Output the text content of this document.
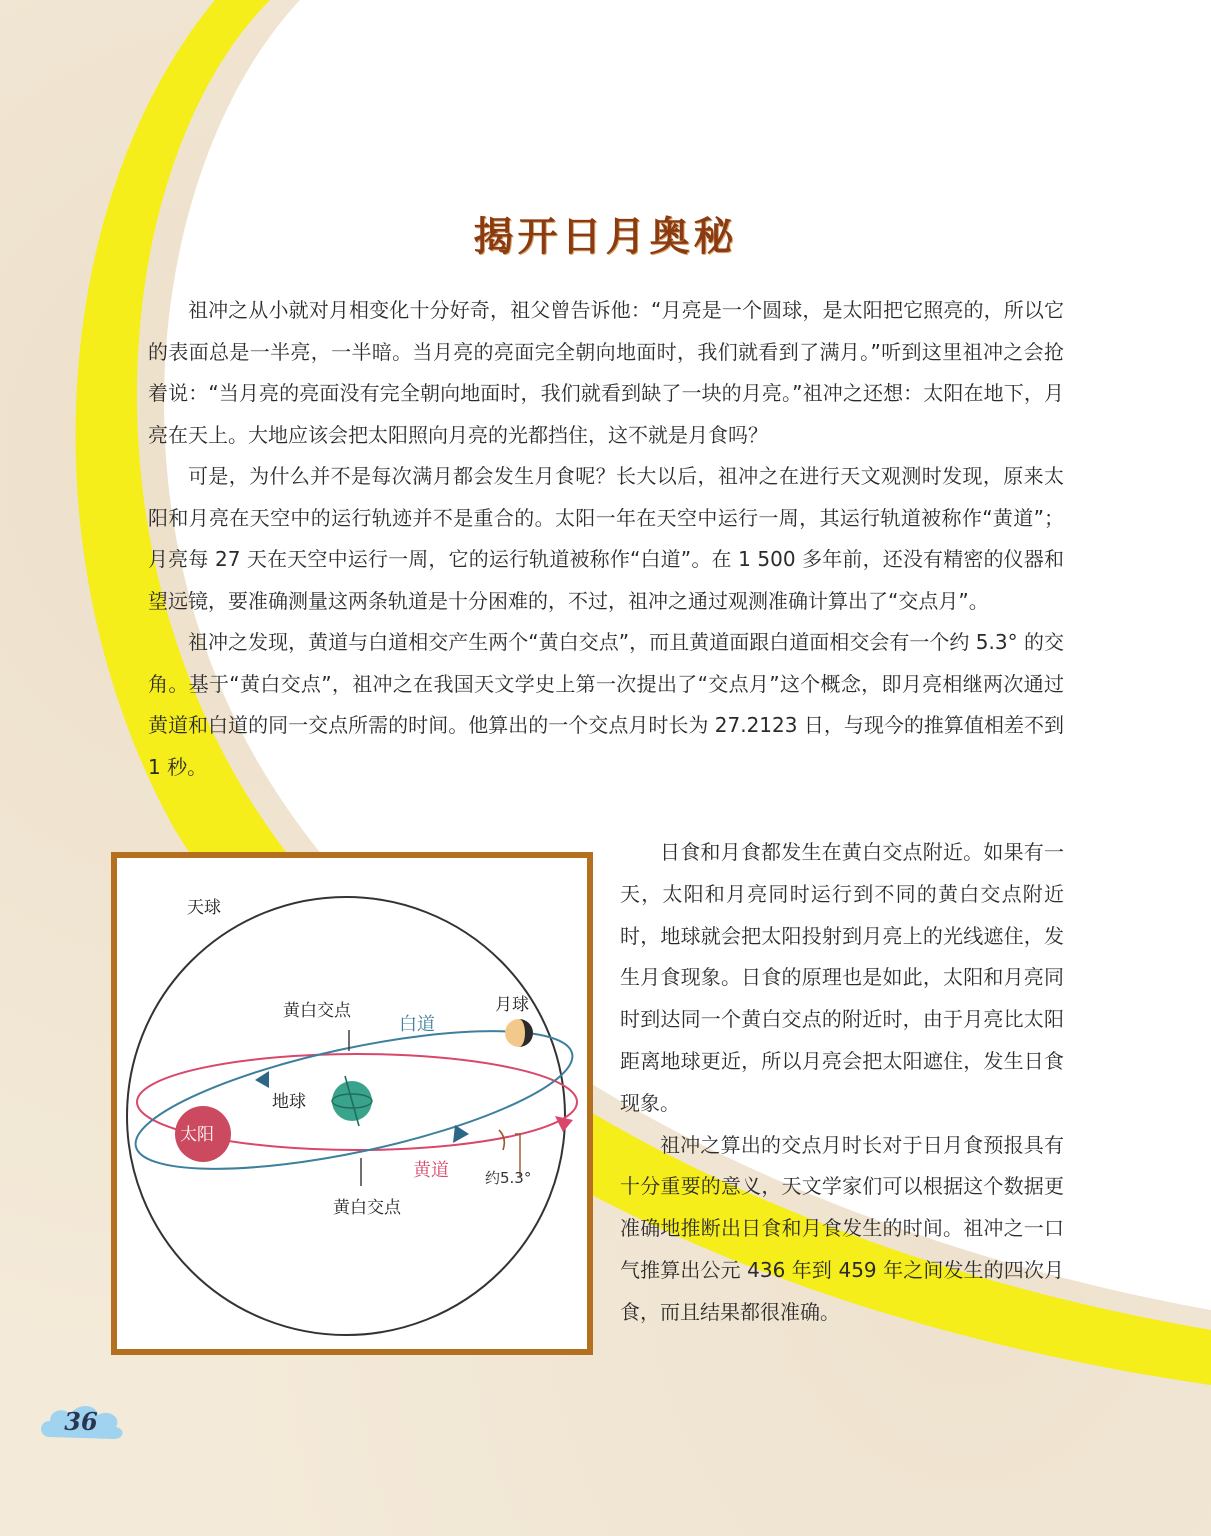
揭开日月奥秘

祖冲之从小就对月相变化十分好奇，祖父曾告诉他：“月亮是一个圆球，是太阳把它照亮的，所以它的表面总是一半亮，一半暗。当月亮的亮面完全朝向地面时，我们就看到了满月。”听到这里祖冲之会抢着说：“当月亮的亮面没有完全朝向地面时，我们就看到缺了一块的月亮。”祖冲之还想：太阳在地下，月亮在天上。大地应该会把太阳照向月亮的光都挡住，这不就是月食吗？

可是，为什么并不是每次满月都会发生月食呢？长大以后，祖冲之在进行天文观测时发现，原来太阳和月亮在天空中的运行轨迹并不是重合的。太阳一年在天空中运行一周，其运行轨道被称作“黄道”；月亮每 27 天在天空中运行一周，它的运行轨道被称作“白道”。在 1 500 多年前，还没有精密的仪器和望远镜，要准确测量这两条轨道是十分困难的，不过，祖冲之通过观测准确计算出了“交点月”。

祖冲之发现，黄道与白道相交产生两个“黄白交点”，而且黄道面跟白道面相交会有一个约 5.3° 的交角。基于“黄白交点”，祖冲之在我国天文学史上第一次提出了“交点月”这个概念，即月亮相继两次通过黄道和白道的同一交点所需的时间。他算出的一个交点月时长为 27.2123 日，与现今的推算值相差不到 1 秒。

天球
黄白交点
白道
月球
地球
太阳
黄道 约5.3°
黄白交点

日食和月食都发生在黄白交点附近。如果有一天，太阳和月亮同时运行到不同的黄白交点附近时，地球就会把太阳投射到月亮上的光线遮住，发生月食现象。日食的原理也是如此，太阳和月亮同时到达同一个黄白交点的附近时，由于月亮比太阳距离地球更近，所以月亮会把太阳遮住，发生日食现象。

祖冲之算出的交点月时长对于日月食预报具有十分重要的意义，天文学家们可以根据这个数据更准确地推断出日食和月食发生的时间。祖冲之一口气推算出公元 436 年到 459 年之间发生的四次月食，而且结果都很准确。

36
